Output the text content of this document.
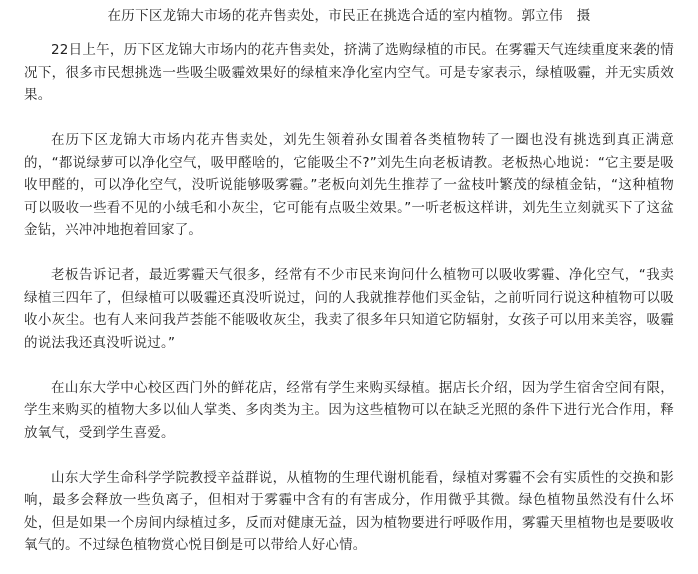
在历下区龙锦大市场的花卉售卖处，市民正在挑选合适的室内植物。郭立伟　摄
22日上午，历下区龙锦大市场内的花卉售卖处，挤满了选购绿植的市民。在雾霾天气连续重度来袭的情况下，很多市民想挑选一些吸尘吸霾效果好的绿植来净化室内空气。可是专家表示，绿植吸霾，并无实质效果。
在历下区龙锦大市场内花卉售卖处，刘先生领着孙女围着各类植物转了一圈也没有挑选到真正满意的，“都说绿萝可以净化空气，吸甲醛啥的，它能吸尘不?”刘先生向老板请教。老板热心地说：“它主要是吸收甲醛的，可以净化空气，没听说能够吸雾霾。”老板向刘先生推荐了一盆枝叶繁茂的绿植金钻，“这种植物可以吸收一些看不见的小绒毛和小灰尘，它可能有点吸尘效果。”一听老板这样讲，刘先生立刻就买下了这盆金钻，兴冲冲地抱着回家了。
老板告诉记者，最近雾霾天气很多，经常有不少市民来询问什么植物可以吸收雾霾、净化空气，“我卖绿植三四年了，但绿植可以吸霾还真没听说过，问的人我就推荐他们买金钻，之前听同行说这种植物可以吸收小灰尘。也有人来问我芦荟能不能吸收灰尘，我卖了很多年只知道它防辐射，女孩子可以用来美容，吸霾的说法我还真没听说过。”
在山东大学中心校区西门外的鲜花店，经常有学生来购买绿植。据店长介绍，因为学生宿舍空间有限，学生来购买的植物大多以仙人掌类、多肉类为主。因为这些植物可以在缺乏光照的条件下进行光合作用，释放氧气，受到学生喜爱。
山东大学生命科学学院教授辛益群说，从植物的生理代谢机能看，绿植对雾霾不会有实质性的交换和影响，最多会释放一些负离子，但相对于雾霾中含有的有害成分，作用微乎其微。绿色植物虽然没有什么坏处，但是如果一个房间内绿植过多，反而对健康无益，因为植物要进行呼吸作用，雾霾天里植物也是要吸收氧气的。不过绿色植物赏心悦目倒是可以带给人好心情。
